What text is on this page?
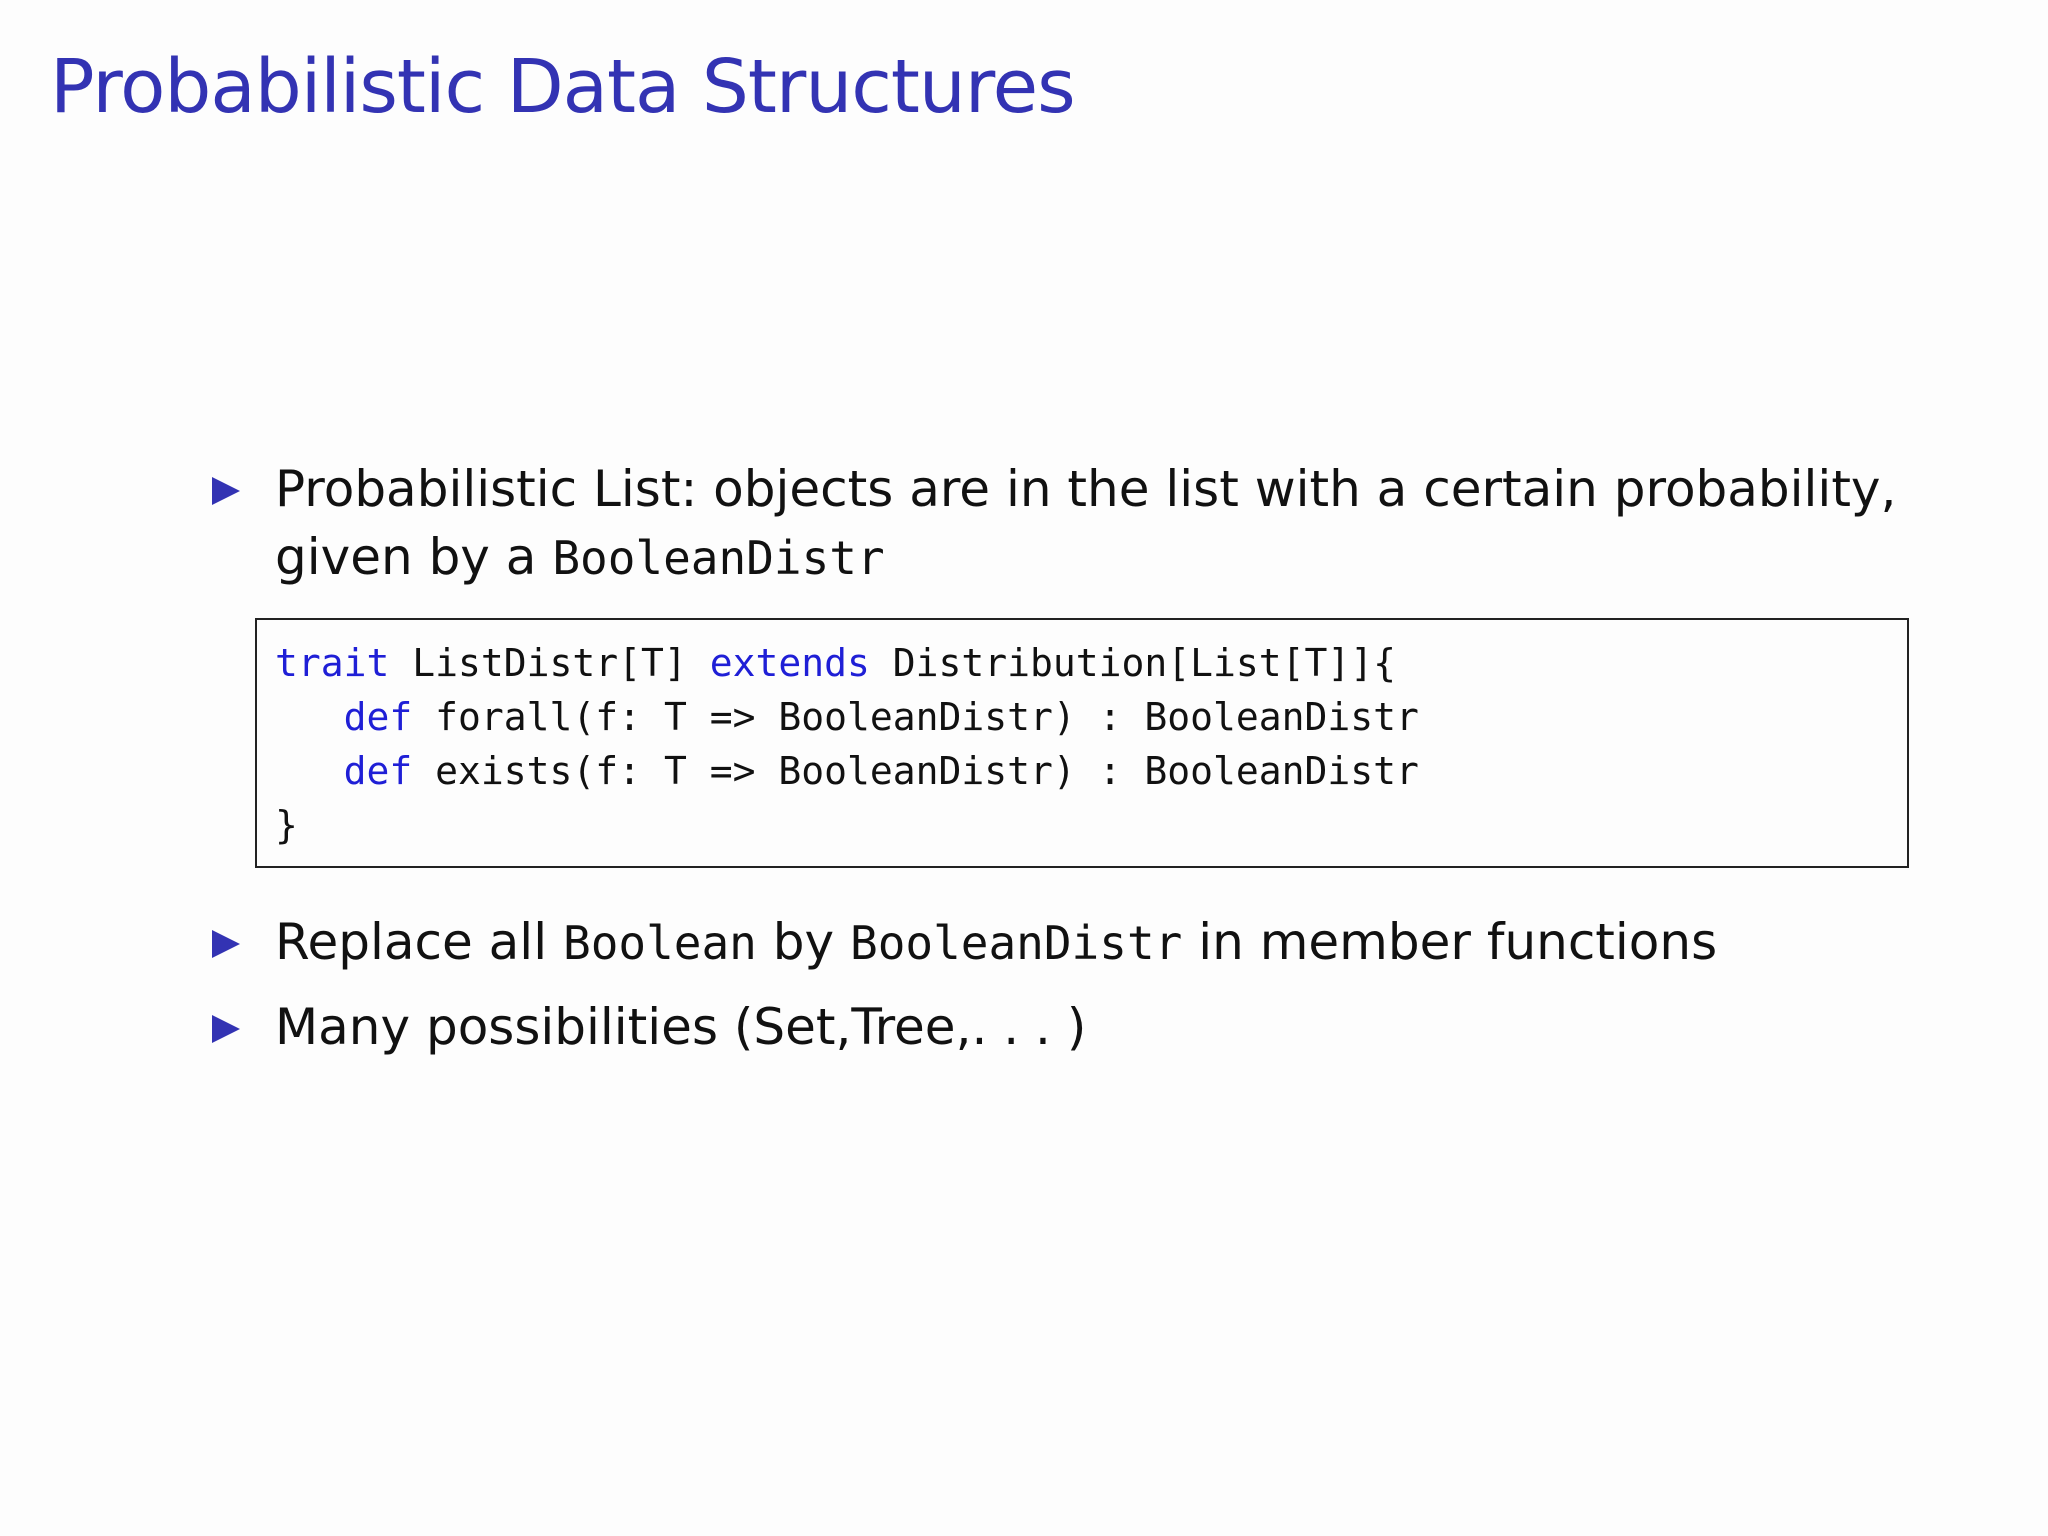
Probabilistic Data Structures
Probabilistic List: objects are in the list with a certain probability,
given by a BooleanDistr
trait ListDistr[T] extends Distribution[List[T]]{
def forall(f: T => BooleanDistr) : BooleanDistr
def exists(f: T => BooleanDistr) : BooleanDistr
}
Replace all Boolean by BooleanDistr in member functions
Many possibilities (Set,Tree,. . . )
